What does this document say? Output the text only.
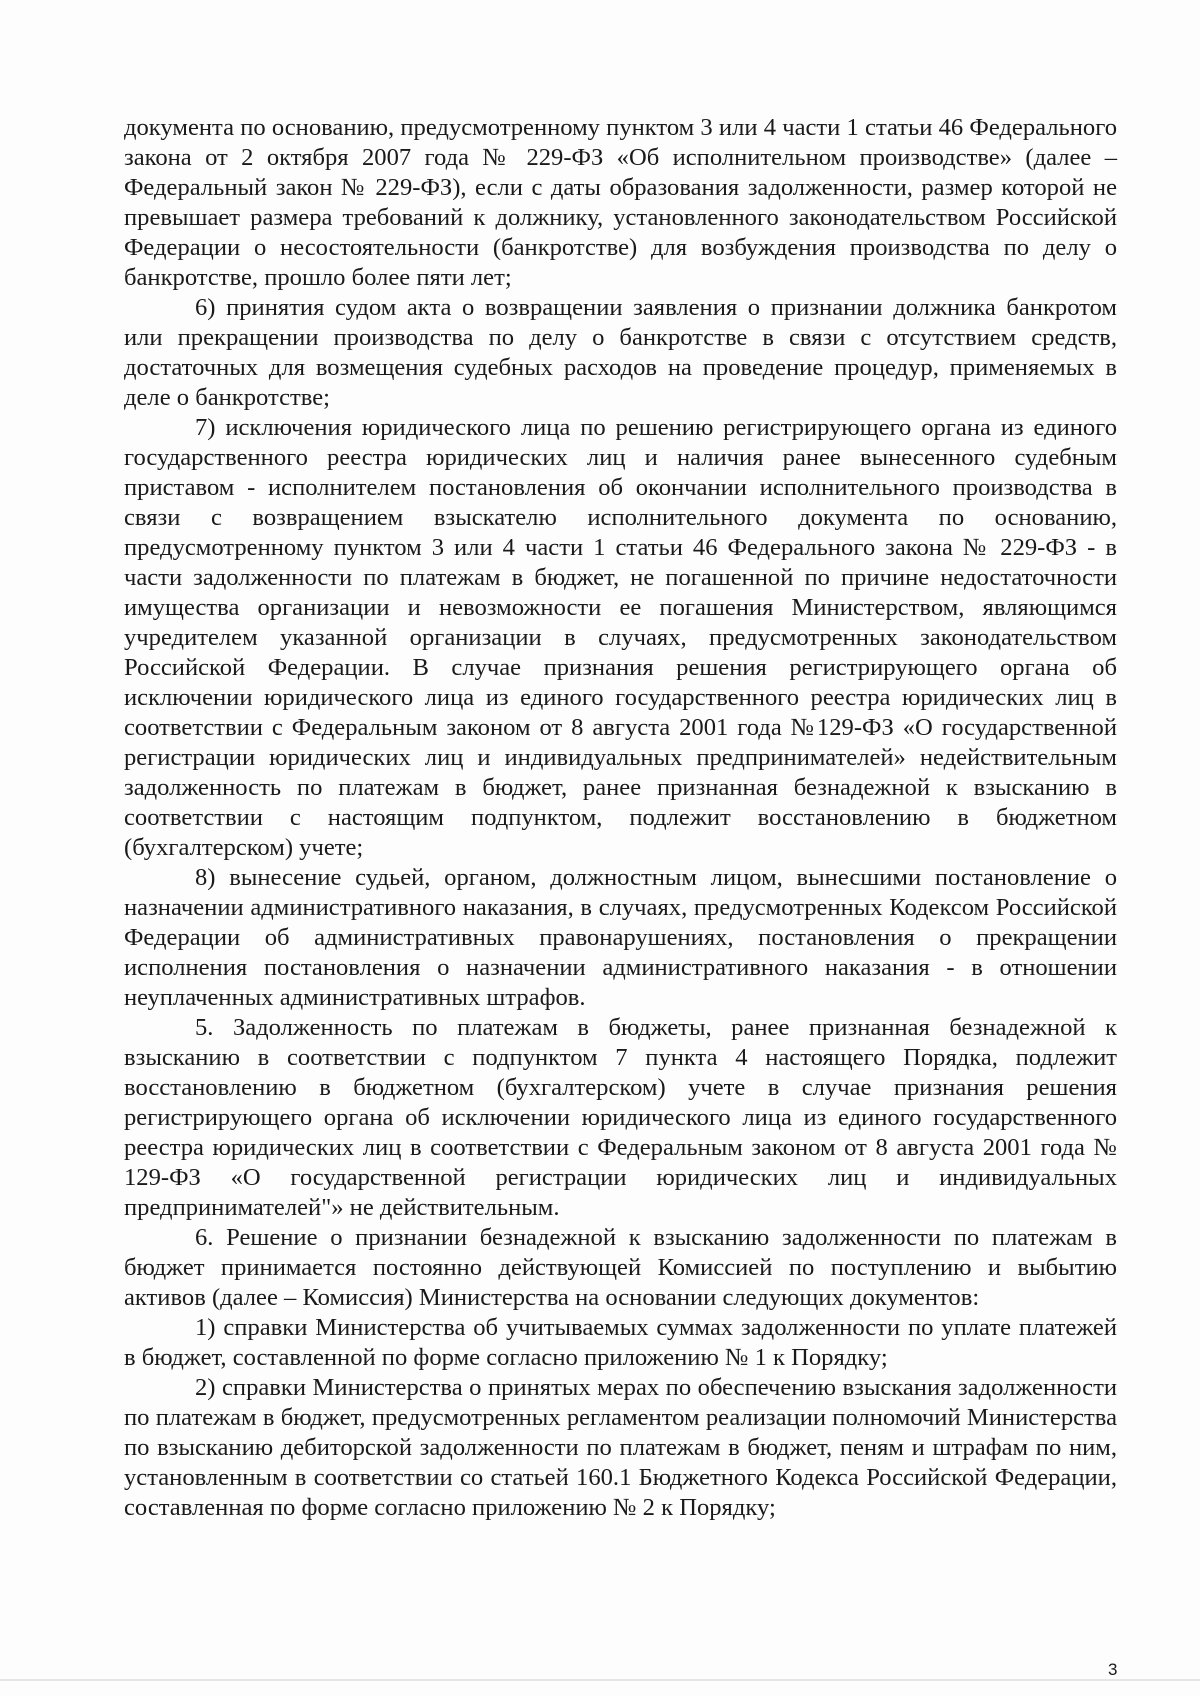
документа по основанию, предусмотренному пунктом 3 или 4 части 1 статьи 46 Федерального закона от 2 октября 2007 года № 229-ФЗ «Об исполнительном производстве» (далее – Федеральный закон № 229-ФЗ), если с даты образования задолженности, размер которой не превышает размера требований к должнику, установленного законодательством Российской Федерации о несостоятельности (банкротстве) для возбуждения производства по делу о банкротстве, прошло более пяти лет;

6) принятия судом акта о возвращении заявления о признании должника банкротом или прекращении производства по делу о банкротстве в связи с отсутствием средств, достаточных для возмещения судебных расходов на проведение процедур, применяемых в деле о банкротстве;

7) исключения юридического лица по решению регистрирующего органа из единого государственного реестра юридических лиц и наличия ранее вынесенного судебным приставом - исполнителем постановления об окончании исполнительного производства в связи с возвращением взыскателю исполнительного документа по основанию, предусмотренному пунктом 3 или 4 части 1 статьи 46 Федерального закона № 229-ФЗ - в части задолженности по платежам в бюджет, не погашенной по причине недостаточности имущества организации и невозможности ее погашения Министерством, являющимся учредителем указанной организации в случаях, предусмотренных законодательством Российской Федерации. В случае признания решения регистрирующего органа об исключении юридического лица из единого государственного реестра юридических лиц в соответствии с Федеральным законом от 8 августа 2001 года №129-ФЗ «О государственной регистрации юридических лиц и индивидуальных предпринимателей» недействительным задолженность по платежам в бюджет, ранее признанная безнадежной к взысканию в соответствии с настоящим подпунктом, подлежит восстановлению в бюджетном (бухгалтерском) учете;

8) вынесение судьей, органом, должностным лицом, вынесшими постановление о назначении административного наказания, в случаях, предусмотренных Кодексом Российской Федерации об административных правонарушениях, постановления о прекращении исполнения постановления о назначении административного наказания - в отношении неуплаченных административных штрафов.

5. Задолженность по платежам в бюджеты, ранее признанная безнадежной к взысканию в соответствии с подпунктом 7 пункта 4 настоящего Порядка, подлежит восстановлению в бюджетном (бухгалтерском) учете в случае признания решения регистрирующего органа об исключении юридического лица из единого государственного реестра юридических лиц в соответствии с Федеральным законом от 8 августа 2001 года № 129-ФЗ «О государственной регистрации юридических лиц и индивидуальных предпринимателей"» не действительным.

6. Решение о признании безнадежной к взысканию задолженности по платежам в бюджет принимается постоянно действующей Комиссией по поступлению и выбытию активов (далее – Комиссия) Министерства на основании следующих документов:

1) справки Министерства об учитываемых суммах задолженности по уплате платежей в бюджет, составленной по форме согласно приложению № 1 к Порядку;

2) справки Министерства о принятых мерах по обеспечению взыскания задолженности по платежам в бюджет, предусмотренных регламентом реализации полномочий Министерства по взысканию дебиторской задолженности по платежам в бюджет, пеням и штрафам по ним, установленным в соответствии со статьей 160.1 Бюджетного Кодекса Российской Федерации, составленная по форме согласно приложению № 2 к Порядку;

3
